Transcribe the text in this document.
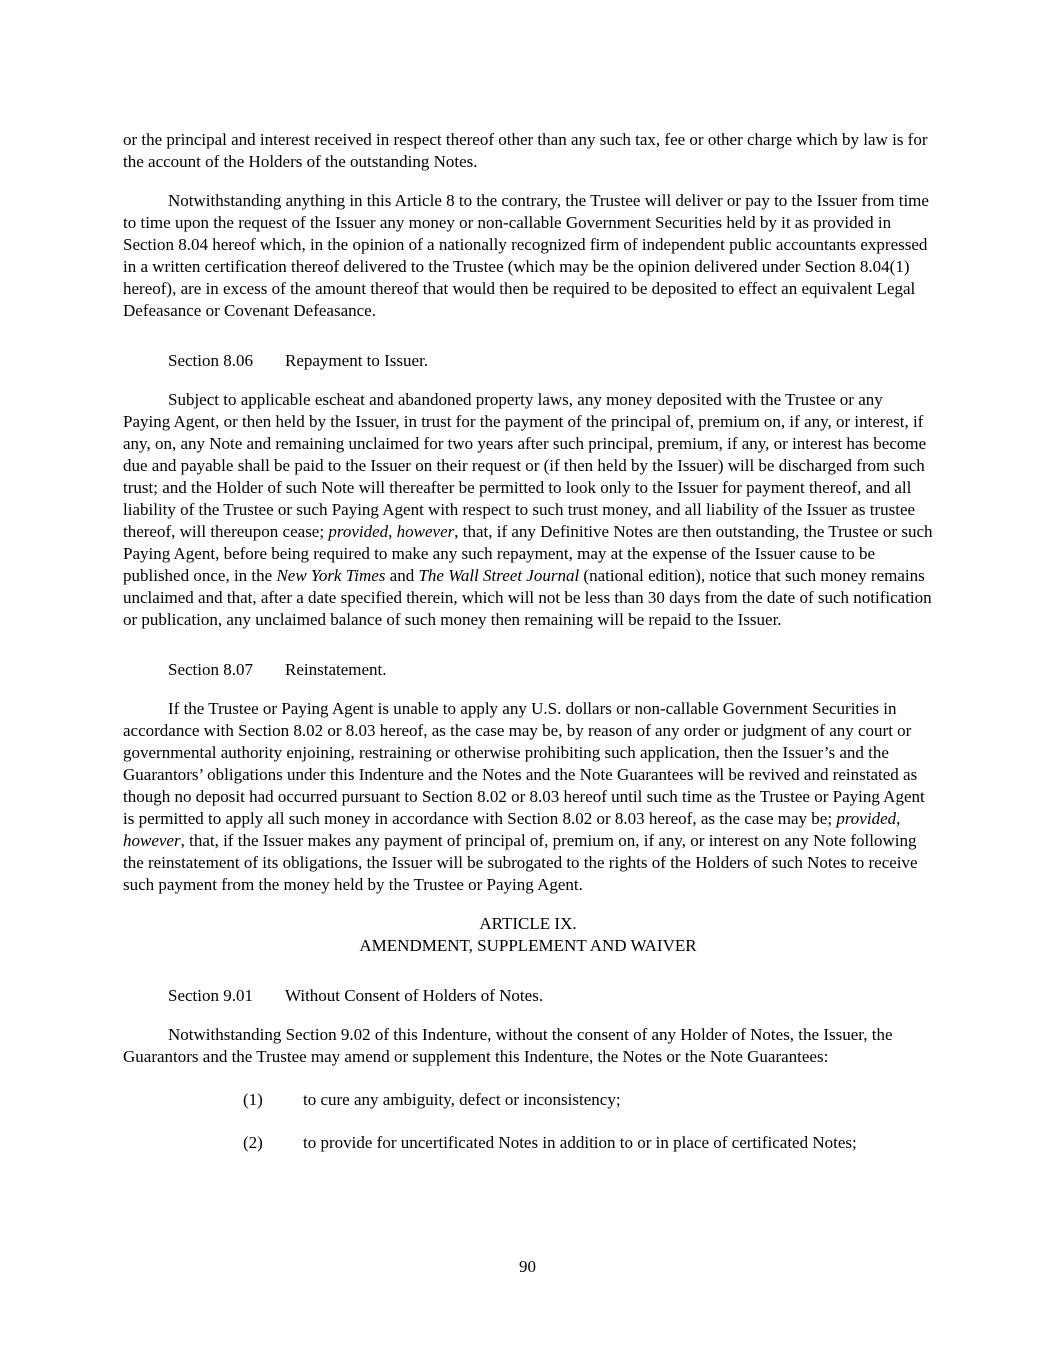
or the principal and interest received in respect thereof other than any such tax, fee or other charge which by law is for the account of the Holders of the outstanding Notes.

Notwithstanding anything in this Article 8 to the contrary, the Trustee will deliver or pay to the Issuer from time to time upon the request of the Issuer any money or non-callable Government Securities held by it as provided in Section 8.04 hereof which, in the opinion of a nationally recognized firm of independent public accountants expressed in a written certification thereof delivered to the Trustee (which may be the opinion delivered under Section 8.04(1) hereof), are in excess of the amount thereof that would then be required to be deposited to effect an equivalent Legal Defeasance or Covenant Defeasance.

Section 8.06 Repayment to Issuer.

Subject to applicable escheat and abandoned property laws, any money deposited with the Trustee or any Paying Agent, or then held by the Issuer, in trust for the payment of the principal of, premium on, if any, or interest, if any, on, any Note and remaining unclaimed for two years after such principal, premium, if any, or interest has become due and payable shall be paid to the Issuer on their request or (if then held by the Issuer) will be discharged from such trust; and the Holder of such Note will thereafter be permitted to look only to the Issuer for payment thereof, and all liability of the Trustee or such Paying Agent with respect to such trust money, and all liability of the Issuer as trustee thereof, will thereupon cease; provided, however, that, if any Definitive Notes are then outstanding, the Trustee or such Paying Agent, before being required to make any such repayment, may at the expense of the Issuer cause to be published once, in the New York Times and The Wall Street Journal (national edition), notice that such money remains unclaimed and that, after a date specified therein, which will not be less than 30 days from the date of such notification or publication, any unclaimed balance of such money then remaining will be repaid to the Issuer.

Section 8.07 Reinstatement.

If the Trustee or Paying Agent is unable to apply any U.S. dollars or non-callable Government Securities in accordance with Section 8.02 or 8.03 hereof, as the case may be, by reason of any order or judgment of any court or governmental authority enjoining, restraining or otherwise prohibiting such application, then the Issuer’s and the Guarantors’ obligations under this Indenture and the Notes and the Note Guarantees will be revived and reinstated as though no deposit had occurred pursuant to Section 8.02 or 8.03 hereof until such time as the Trustee or Paying Agent is permitted to apply all such money in accordance with Section 8.02 or 8.03 hereof, as the case may be; provided, however, that, if the Issuer makes any payment of principal of, premium on, if any, or interest on any Note following the reinstatement of its obligations, the Issuer will be subrogated to the rights of the Holders of such Notes to receive such payment from the money held by the Trustee or Paying Agent.

ARTICLE IX.
AMENDMENT, SUPPLEMENT AND WAIVER

Section 9.01 Without Consent of Holders of Notes.

Notwithstanding Section 9.02 of this Indenture, without the consent of any Holder of Notes, the Issuer, the Guarantors and the Trustee may amend or supplement this Indenture, the Notes or the Note Guarantees:

(1) to cure any ambiguity, defect or inconsistency;
(2) to provide for uncertificated Notes in addition to or in place of certificated Notes;
90
